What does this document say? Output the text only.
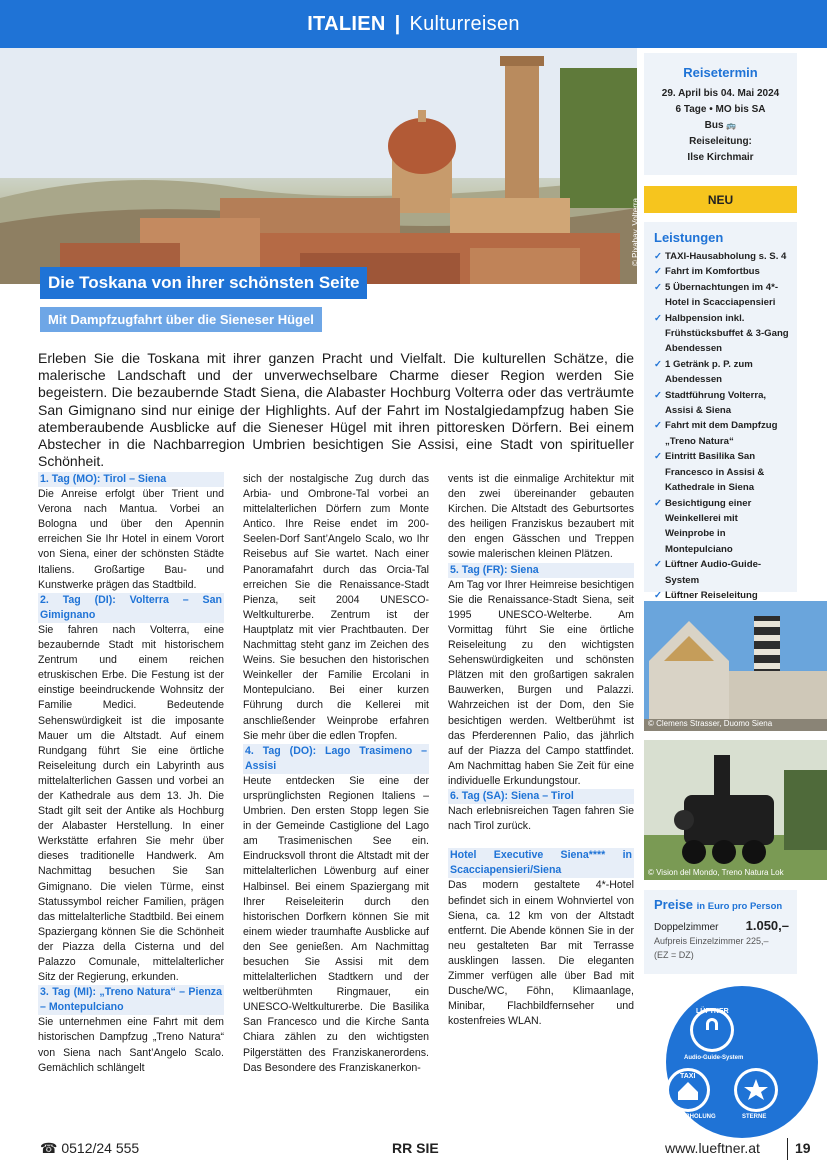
ITALIEN | Kulturreisen
© Pixabay, Volterra
Die Toskana von ihrer schönsten Seite
Mit Dampfzugfahrt über die Sieneser Hügel

Erleben Sie die Toskana mit ihrer ganzen Pracht und Vielfalt. Die kulturellen Schätze, die malerische Landschaft und der unverwechselbare Charme dieser Region werden Sie begeistern. Die bezaubernde Stadt Siena, die Alabaster Hochburg Volterra oder das verträumte San Gimignano sind nur einige der Highlights. Auf der Fahrt im Nostalgiedampfzug haben Sie atemberaubende Ausblicke auf die Sieneser Hügel mit ihren pittoresken Dörfern. Bei einem Abstecher in die Nachbarregion Umbrien besichtigen Sie Assisi, eine Stadt von spiritueller Schönheit.

1. Tag (MO): Tirol – Siena

Die Anreise erfolgt über Trient und Verona nach Mantua. Vorbei an Bologna und über den Apennin erreichen Sie Ihr Hotel in einem Vorort von Siena, einer der schönsten Städte Italiens. Großartige Bau- und Kunstwerke prägen das Stadtbild.

2. Tag (DI): Volterra – San Gimignano

Sie fahren nach Volterra, eine bezaubernde Stadt mit historischem Zentrum und einem reichen etruskischen Erbe. Die Festung ist der einstige beeindruckende Wohnsitz der Familie Medici. Bedeutende Sehenswürdigkeit ist die imposante Mauer um die Altstadt. Auf einem Rundgang führt Sie eine örtliche Reiseleitung durch ein Labyrinth aus mittelalterlichen Gassen und vorbei an der Kathedrale aus dem 13. Jh. Die Stadt gilt seit der Antike als Hochburg der Alabaster Herstellung. In einer Werkstätte erfahren Sie mehr über dieses traditionelle Handwerk. Am Nachmittag besuchen Sie San Gimignano. Die vielen Türme, einst Statussymbol reicher Familien, prägen das mittelalterliche Stadtbild. Bei einem Spaziergang können Sie die Schönheit der Piazza della Cisterna und del Palazzo Comunale, mittelalterlicher Sitz der Regierung, erkunden.

3. Tag (MI): „Treno Natura“ – Pienza – Montepulciano

Sie unternehmen eine Fahrt mit dem historischen Dampfzug „Treno Natura“ von Siena nach Sant’Angelo Scalo. Gemächlich schlängelt

sich der nostalgische Zug durch das Arbia- und Ombrone-Tal vorbei an mittelalterlichen Dörfern zum Monte Antico. Ihre Reise endet im 200-Seelen-Dorf Sant’Angelo Scalo, wo Ihr Reisebus auf Sie wartet. Nach einer Panoramafahrt durch das Orcia-Tal erreichen Sie die Renaissance-Stadt Pienza, seit 2004 UNESCO-Weltkulturerbe. Zentrum ist der Hauptplatz mit vier Prachtbauten. Der Nachmittag steht ganz im Zeichen des Weins. Sie besuchen den historischen Weinkeller der Familie Ercolani in Montepulciano. Bei einer kurzen Führung durch die Kellerei mit anschließender Weinprobe erfahren Sie mehr über die edlen Tropfen.

4. Tag (DO): Lago Trasimeno – Assisi

Heute entdecken Sie eine der ursprünglichsten Regionen Italiens – Umbrien. Den ersten Stopp legen Sie in der Gemeinde Castiglione del Lago am Trasimenischen See ein. Eindrucksvoll thront die Altstadt mit der mittelalterlichen Löwenburg auf einer Halbinsel. Bei einem Spaziergang mit Ihrer Reiseleiterin durch den historischen Dorfkern können Sie mit einem wieder traumhafte Ausblicke auf den See genießen. Am Nachmittag besuchen Sie Assisi mit dem mittelalterlichen Stadtkern und der weltberühmten Ringmauer, ein UNESCO-Weltkulturerbe. Die Basilika San Francesco und die Kirche Santa Chiara zählen zu den wichtigsten Pilgerstätten des Franziskanerordens. Das Besondere des Franziskanerkon-

vents ist die einmalige Architektur mit den zwei übereinander gebauten Kirchen. Die Altstadt des Geburtsortes des heiligen Franziskus bezaubert mit den engen Gässchen und Treppen sowie malerischen kleinen Plätzen.

5. Tag (FR): Siena

Am Tag vor Ihrer Heimreise besichtigen Sie die Renaissance-Stadt Siena, seit 1995 UNESCO-Welterbe. Am Vormittag führt Sie eine örtliche Reiseleitung zu den wichtigsten Sehenswürdigkeiten und schönsten Plätzen mit den großartigen sakralen Bauwerken, Burgen und Palazzi. Wahrzeichen ist der Dom, den Sie besichtigen werden. Weltberühmt ist das Pferderennen Palio, das jährlich auf der Piazza del Campo stattfindet. Am Nachmittag haben Sie Zeit für eine individuelle Erkundungstour.

6. Tag (SA): Siena – Tirol

Nach erlebnisreichen Tagen fahren Sie nach Tirol zurück.

Hotel Executive Siena**** in Scacciapensieri/Siena

Das modern gestaltete 4*-Hotel befindet sich in einem Wohnviertel von Siena, ca. 12 km von der Altstadt entfernt. Die Abende können Sie in der neu gestalteten Bar mit Terrasse ausklingen lassen. Die eleganten Zimmer verfügen alle über Bad mit Dusche/WC, Föhn, Klimaanlage, Minibar, Flachbildfernseher und kostenfreies WLAN.

Reisetermin
29. April bis 04. Mai 2024
6 Tage • MO bis SA
Bus 🚌
Reiseleitung:
Ilse Kirchmair
NEU
Leistungen
✓ TAXI-Hausabholung s. S. 4
✓ Fahrt im Komfortbus
✓ 5 Übernachtungen im 4*-Hotel in Scacciapensieri
✓ Halbpension inkl. Frühstücksbuffet & 3-Gang Abendessen
✓ 1 Getränk p. P. zum Abendessen
✓ Stadtführung Volterra, Assisi & Siena
✓ Fahrt mit dem Dampfzug „Treno Natura“
✓ Eintritt Basilika San Francesco in Assisi & Kathedrale in Siena
✓ Besichtigung einer Weinkellerei mit Weinprobe in Montepulciano
✓ Lüftner Audio-Guide-System
✓ Lüftner Reiseleitung
© Clemens Strasser, Duomo Siena
© Vision del Mondo, Treno Natura Lok
Preise in Euro pro Person
Doppelzimmer 1.050,–
Aufpreis Einzelzimmer 225,–
(EZ = DZ)
LÜFTNER
Audio-Guide-System
TAXI
HAUSABHOLUNG	STERNE
☎ 0512/24 555	RR SIE	www.lueftner.at	19
